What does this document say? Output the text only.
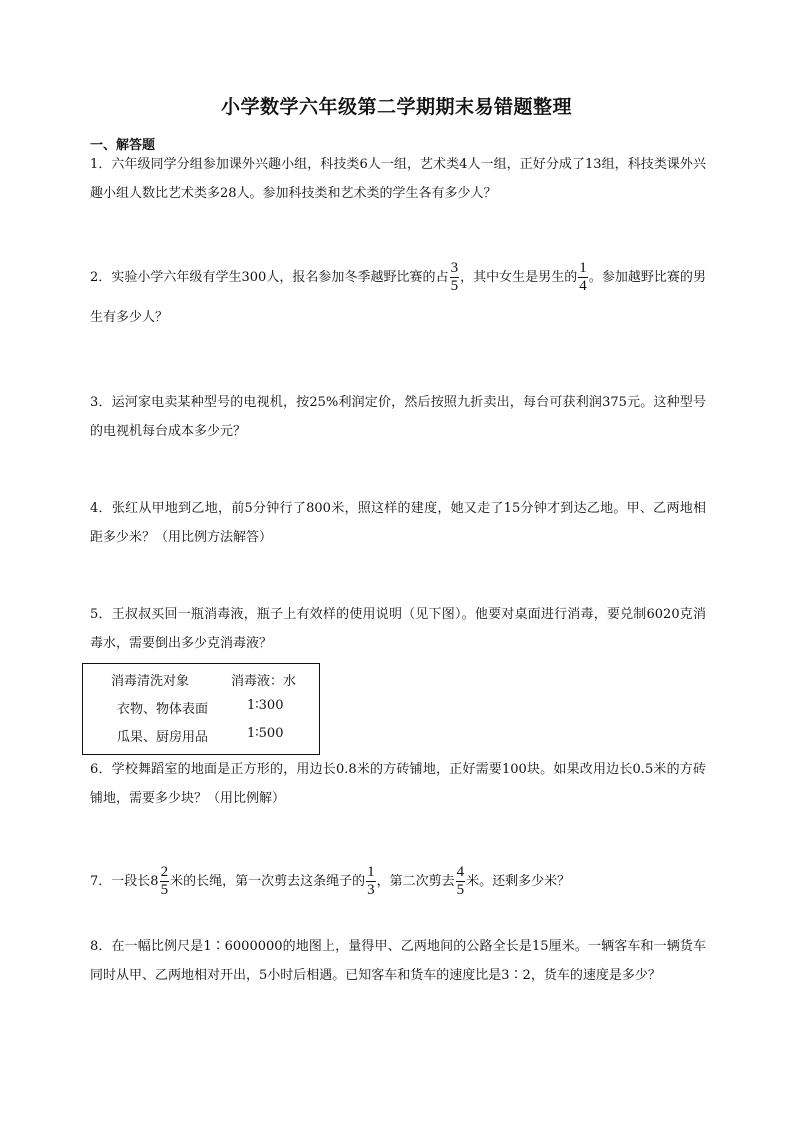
小学数学六年级第二学期期末易错题整理
一、解答题
1．六年级同学分组参加课外兴趣小组，科技类6人一组，艺术类4人一组，正好分成了13组，科技类课外兴趣小组人数比艺术类多28人。参加科技类和艺术类的学生各有多少人？
2．实验小学六年级有学生300人，报名参加冬季越野比赛的占 $\frac{3}{5}$ ，其中女生是男生的 $\frac{1}{4}$ 。参加越野比赛的男生有多少人？
3．运河家电卖某种型号的电视机，按25%利润定价，然后按照九折卖出，每台可获利润375元。这种型号的电视机每台成本多少元？
4．张红从甲地到乙地，前5分钟行了800米，照这样的建度，她又走了15分钟才到达乙地。甲、乙两地相距多少米？（用比例方法解答）
5．王叔叔买回一瓶消毒液，瓶子上有效样的使用说明（见下图）。他要对桌面进行消毒，要兑制6020克消毒水，需要倒出多少克消毒液？
消毒清洗对象	消毒液：水
衣物、物体表面	1∶300
瓜果、厨房用品	1∶500
6．学校舞蹈室的地面是正方形的，用边长0.8米的方砖铺地，正好需要100块。如果改用边长0.5米的方砖铺地，需要多少块？（用比例解）
7．一段长$8 \frac{2}{5}$ 米的长绳，第一次剪去这条绳子的 $\frac{1}{3}$ ，第二次剪去 $\frac{4}{5}$ 米。还剩多少米？
8．在一幅比例尺是1∶6000000的地图上，量得甲、乙两地间的公路全长是15厘米。一辆客车和一辆货车同时从甲、乙两地相对开出，5小时后相遇。已知客车和货车的速度比是3∶2，货车的速度是多少？
